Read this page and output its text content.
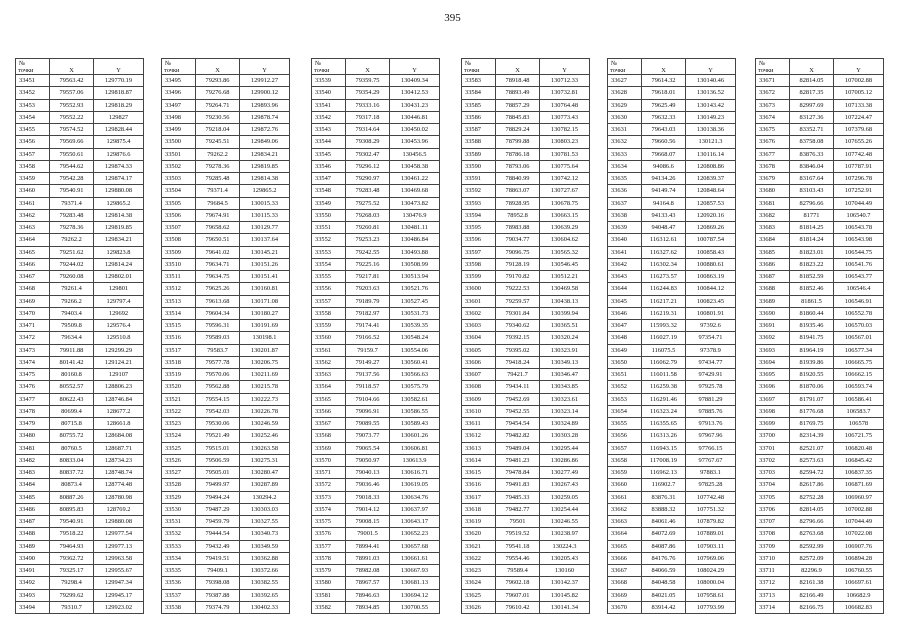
395
№
точки	X	Y
33451	79563.42	129770.19
33452	79557.06	129818.87
33453	79552.93	129818.29
33454	79552.22	129827
33455	79574.52	129828.44
33456	79569.66	129875.4
33457	79550.61	129876.6
33458	79544.62	129874.33
33459	79542.28	129874.17
33460	79540.91	129880.08
33461	79371.4	129865.2
33462	79283.48	129814.38
33463	79278.36	129819.85
33464	79262.2	129834.21
33465	79251.62	129823.8
33466	79244.02	129814.24
33467	79260.08	129802.01
33468	79261.4	129801
33469	79266.2	129797.4
33470	79403.4	129692
33471	79509.8	129576.4
33472	79634.4	129510.8
33473	79911.88	129299.29
33474	80141.42	129124.21
33475	80160.8	129107
33476	80552.57	128806.23
33477	80622.43	128746.84
33478	80699.4	128677.2
33479	80715.8	128661.8
33480	80755.72	128684.08
33481	80760.5	128687.71
33482	80833.04	128734.23
33483	80837.72	128748.74
33484	80873.4	128774.48
33485	80887.26	128780.98
33486	80895.83	128769.2
33487	79540.91	129880.08
33488	79518.22	129977.54
33489	79464.93	129977.13
33490	79362.72	129963.58
33491	79325.17	129955.67
33492	79298.4	129947.34
33493	79299.62	129945.17
33494	79310.7	129923.02
№
точки	X	Y
33495	79293.86	129912.27
33496	79276.68	129900.12
33497	79264.71	129893.96
33498	79230.56	129878.74
33499	79218.04	129872.76
33500	79245.51	129849.06
33501	79262.2	129834.21
33502	79278.36	129819.85
33503	79285.48	129814.38
33504	79371.4	129865.2
33505	79684.5	130015.33
33506	79674.91	130115.33
33507	79658.62	130129.77
33508	79650.51	130137.64
33509	79641.02	130145.21
33510	79634.71	130151.26
33511	79634.75	130151.41
33512	79625.26	130160.81
33513	79613.68	130171.08
33514	79604.34	130180.27
33515	79596.31	130191.69
33516	79589.03	130198.1
33517	79583.7	130201.87
33518	79577.78	130206.75
33519	79570.06	130211.69
33520	79562.88	130215.78
33521	79554.15	130222.73
33522	79542.03	130226.78
33523	79530.06	130246.59
33524	79521.49	130252.46
33525	79515.01	130263.58
33526	79506.59	130275.31
33527	79505.01	130280.47
33528	79499.97	130287.89
33529	79494.24	130294.2
33530	79487.29	130303.03
33531	79459.79	130327.55
33532	79444.54	130340.73
33533	79432.49	130349.59
33534	79419.51	130362.88
33535	79409.1	130372.66
33536	79398.08	130382.55
33537	79387.88	130392.65
33538	79374.79	130402.33
№
точки	X	Y
33539	79359.75	130409.34
33540	79354.29	130412.53
33541	79333.16	130431.23
33542	79317.18	130446.81
33543	79314.64	130450.02
33544	79308.29	130453.96
33545	79302.47	130456.5
33546	79296.12	130458.38
33547	79290.97	130461.22
33548	79283.48	130469.68
33549	79275.52	130473.82
33550	79268.03	130476.9
33551	79260.81	130481.11
33552	79253.23	130486.84
33553	79242.55	130493.88
33554	79225.16	130508.99
33555	79217.81	130513.94
33556	79203.63	130521.76
33557	79189.79	130527.45
33558	79182.97	130531.73
33559	79174.41	130539.35
33560	79166.52	130548.24
33561	79159.7	130554.06
33562	79149.27	130560.41
33563	79137.56	130566.63
33564	79118.57	130575.79
33565	79104.66	130582.61
33566	79096.91	130586.55
33567	79089.55	130589.43
33568	79073.77	130601.26
33569	79065.54	130606.81
33570	79050.97	130613.9
33571	79040.13	130616.71
33572	79036.46	130619.05
33573	79018.33	130634.76
33574	79014.12	130637.97
33575	79008.15	130643.17
33576	79001.5	130652.23
33577	78994.41	130657.68
33578	78991.03	130661.61
33579	78982.08	130667.93
33580	78967.57	130681.13
33581	78946.63	130694.12
33582	78934.85	130700.55
№
точки	X	Y
33583	78918.48	130712.33
33584	78893.49	130732.81
33585	78857.29	130764.48
33586	78845.83	130773.43
33587	78829.24	130782.15
33588	78799.88	130803.23
33589	78786.18	130781.53
33590	78793.06	130775.64
33591	78840.99	130742.12
33592	78863.07	130727.67
33593	78928.95	130678.75
33594	78952.8	130663.15
33595	78983.88	130639.29
33596	79034.77	130604.62
33597	79096.75	130565.32
33598	79128.19	130546.45
33599	79170.82	130512.21
33600	79222.53	130469.58
33601	79259.57	130438.13
33602	79301.84	130399.94
33603	79340.62	130365.51
33604	79392.15	130320.24
33605	79395.02	130323.91
33606	79418.24	130349.13
33607	79421.7	130346.47
33608	79434.11	130343.85
33609	79452.69	130323.61
33610	79452.55	130323.14
33611	79454.54	130324.89
33612	79482.82	130303.28
33613	79489.04	130295.44
33614	79481.23	130286.86
33615	79478.84	130277.49
33616	79491.83	130267.43
33617	79485.33	130259.05
33618	79482.77	130254.44
33619	79501	130246.55
33620	79519.52	130238.97
33621	79541.18	130224.3
33622	79554.46	130205.43
33623	79589.4	130160
33624	79602.18	130142.37
33625	79607.01	130145.82
33626	79610.42	130141.34
№
точки	X	Y
33627	79614.32	130140.46
33628	79618.01	130136.52
33629	79625.49	130143.42
33630	79632.33	130149.23
33631	79643.03	130138.36
33632	79660.56	130121.3
33633	79668.07	130116.14
33634	94086.6	120808.86
33635	94134.26	120839.37
33636	94149.74	120848.64
33637	94164.8	120857.53
33638	94133.43	120920.16
33639	94048.47	120869.26
33640	116312.61	100787.54
33641	116327.62	100858.43
33642	116302.34	100880.61
33643	116273.57	100863.19
33644	116244.83	100844.12
33645	116217.21	100823.45
33646	116219.31	100801.91
33647	115993.32	97392.6
33648	116027.19	97354.71
33649	116075.5	97378.9
33650	116062.79	97434.77
33651	116011.58	97429.91
33652	116259.38	97925.78
33653	116291.46	97881.29
33654	116323.24	97885.76
33655	116355.65	97913.76
33656	116313.26	97967.96
33657	116943.15	97766.15
33658	117008.19	97767.67
33659	116962.13	97883.1
33660	116902.7	97825.28
33661	83876.31	107742.48
33662	83888.32	107751.32
33663	84061.46	107879.82
33664	84072.69	107889.01
33665	84087.86	107903.11
33666	84176.76	107969.06
33667	84066.59	108024.29
33668	84048.58	108000.04
33669	84021.05	107958.61
33670	83914.42	107793.99
№
точки	X	Y
33671	82814.05	107002.88
33672	82817.35	107005.12
33673	82997.69	107133.38
33674	83127.36	107224.47
33675	83352.71	107379.68
33676	83758.08	107655.26
33677	83876.33	107742.48
33678	83846.04	107787.91
33679	83167.64	107296.78
33680	83103.43	107252.91
33681	82796.66	107044.49
33682	81771	106540.7
33683	81814.25	106543.78
33684	81814.24	106543.98
33685	81823.01	106544.75
33686	81823.22	106541.76
33687	81852.59	106543.77
33688	81852.46	106546.4
33689	81861.5	106546.91
33690	81860.44	106552.78
33691	81935.46	106570.03
33692	81941.75	106567.01
33693	81964.19	106577.34
33694	81939.86	106665.75
33695	81920.55	106662.15
33696	81870.06	106593.74
33697	81791.07	106586.41
33698	81776.68	106583.7
33699	81769.75	106578
33700	82314.39	106721.75
33701	82521.07	106820.48
33702	82573.63	106845.42
33703	82594.72	106837.35
33704	82617.86	106871.69
33705	82752.28	106960.97
33706	82814.05	107002.88
33707	82796.66	107044.49
33708	82763.68	107022.08
33709	82592.99	106907.76
33710	82572.09	106894.28
33711	82296.9	106760.55
33712	82161.38	106697.61
33713	82166.49	106682.9
33714	82166.75	106682.83
